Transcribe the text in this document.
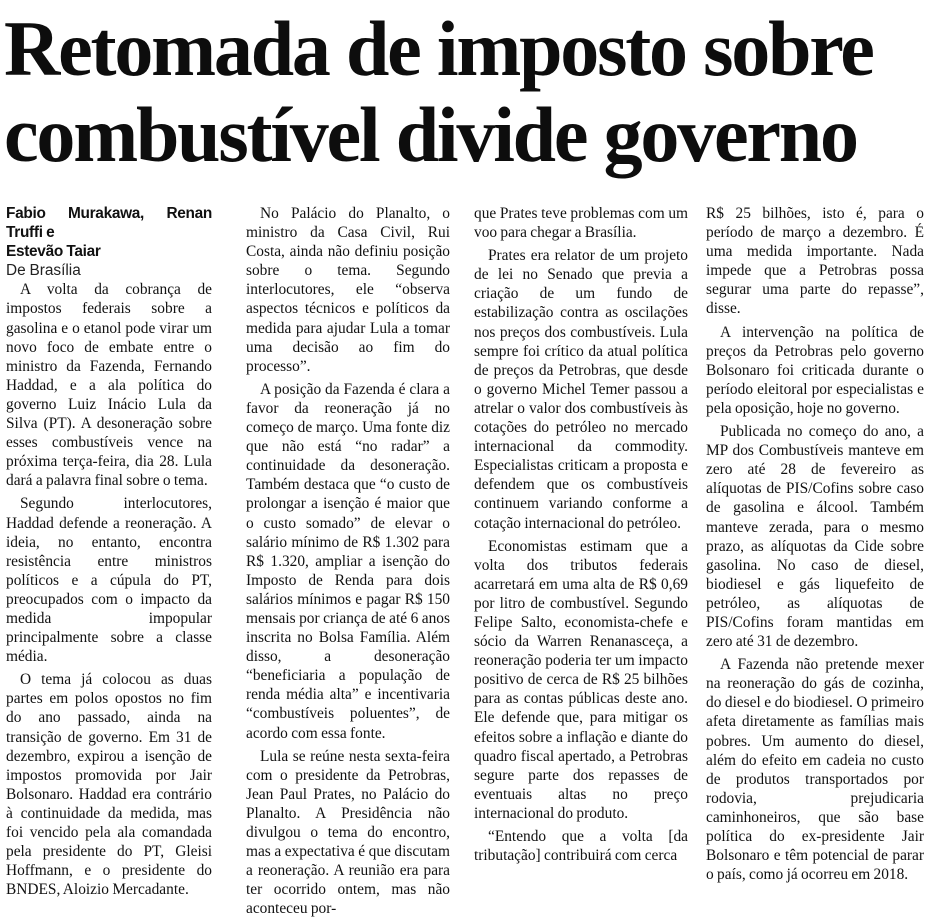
Retomada de imposto sobre
combustível divide governo

Fabio Murakawa, Renan Truffi e

Estevão Taiar

De Brasília

A volta da cobrança de impostos federais sobre a gasolina e o etanol pode virar um novo foco de embate entre o ministro da Fazenda, Fernando Haddad, e a ala política do governo Luiz Inácio Lula da Silva (PT). A desoneração sobre esses combustíveis vence na próxima terça-feira, dia 28. Lula dará a palavra final sobre o tema.

Segundo interlocutores, Haddad defende a reoneração. A ideia, no entanto, encontra resistência entre ministros políticos e a cúpula do PT, preocupados com o impacto da medida impopular principalmente sobre a classe média.

O tema já colocou as duas partes em polos opostos no fim do ano passado, ainda na transição de governo. Em 31 de dezembro, expirou a isenção de impostos promovida por Jair Bolsonaro. Haddad era contrário à continuidade da medida, mas foi vencido pela ala comandada pela presidente do PT, Gleisi Hoffmann, e o presidente do BNDES, Aloizio Mercadante.

No Palácio do Planalto, o ministro da Casa Civil, Rui Costa, ainda não definiu posição sobre o tema. Segundo interlocutores, ele “observa aspectos técnicos e políticos da medida para ajudar Lula a tomar uma decisão ao fim do processo”.

A posição da Fazenda é clara a favor da reoneração já no começo de março. Uma fonte diz que não está “no radar” a continuidade da desoneração. Também destaca que “o custo de prolongar a isenção é maior que o custo somado” de elevar o salário mínimo de R$ 1.302 para R$ 1.320, ampliar a isenção do Imposto de Renda para dois salários mínimos e pagar R$ 150 mensais por criança de até 6 anos inscrita no Bolsa Família. Além disso, a desoneração “beneficiaria a população de renda média alta” e incentivaria “combustíveis poluentes”, de acordo com essa fonte.

Lula se reúne nesta sexta-feira com o presidente da Petrobras, Jean Paul Prates, no Palácio do Planalto. A Presidência não divulgou o tema do encontro, mas a expectativa é que discutam a reoneração. A reunião era para ter ocorrido ontem, mas não aconteceu por-

que Prates teve problemas com um voo para chegar a Brasília.

Prates era relator de um projeto de lei no Senado que previa a criação de um fundo de estabilização contra as oscilações nos preços dos combustíveis. Lula sempre foi crítico da atual política de preços da Petrobras, que desde o governo Michel Temer passou a atrelar o valor dos combustíveis às cotações do petróleo no mercado internacional da commodity. Especialistas criticam a proposta e defendem que os combustíveis continuem variando conforme a cotação internacional do petróleo.

Economistas estimam que a volta dos tributos federais acarretará em uma alta de R$ 0,69 por litro de combustível. Segundo Felipe Salto, economista-chefe e sócio da Warren Renanasceça, a reoneração poderia ter um impacto positivo de cerca de R$ 25 bilhões para as contas públicas deste ano. Ele defende que, para mitigar os efeitos sobre a inflação e diante do quadro fiscal apertado, a Petrobras segure parte dos repasses de eventuais altas no preço internacional do produto.

“Entendo que a volta [da tributação] contribuirá com cerca

R$ 25 bilhões, isto é, para o período de março a dezembro. É uma medida importante. Nada impede que a Petrobras possa segurar uma parte do repasse”, disse.

A intervenção na política de preços da Petrobras pelo governo Bolsonaro foi criticada durante o período eleitoral por especialistas e pela oposição, hoje no governo.

Publicada no começo do ano, a MP dos Combustíveis manteve em zero até 28 de fevereiro as alíquotas de PIS/Cofins sobre caso de gasolina e álcool. Também manteve zerada, para o mesmo prazo, as alíquotas da Cide sobre gasolina. No caso de diesel, biodiesel e gás liquefeito de petróleo, as alíquotas de PIS/Cofins foram mantidas em zero até 31 de dezembro.

A Fazenda não pretende mexer na reoneração do gás de cozinha, do diesel e do biodiesel. O primeiro afeta diretamente as famílias mais pobres. Um aumento do diesel, além do efeito em cadeia no custo de produtos transportados por rodovia, prejudicaria caminhoneiros, que são base política do ex-presidente Jair Bolsonaro e têm potencial de parar o país, como já ocorreu em 2018.
